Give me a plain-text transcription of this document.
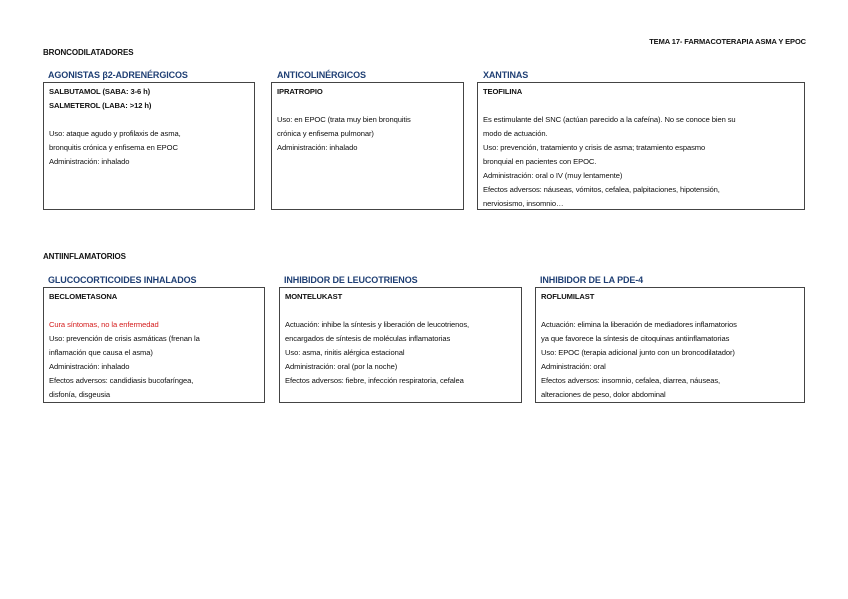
TEMA 17- FARMACOTERAPIA ASMA Y EPOC
BRONCODILATADORES
AGONISTAS β2-ADRENÉRGICOS
SALBUTAMOL (SABA: 3-6 h)
SALMETEROL (LABA: >12 h)
Uso: ataque agudo y profilaxis de asma,
bronquitis crónica y enfisema en EPOC
Administración: inhalado
ANTICOLINÉRGICOS
IPRATROPIO
Uso: en EPOC (trata muy bien bronquitis
crónica y enfisema pulmonar)
Administración: inhalado
XANTINAS
TEOFILINA
Es estimulante del SNC (actúan parecido a la cafeína). No se conoce bien su
modo de actuación.
Uso: prevención, tratamiento y crisis de asma; tratamiento espasmo
bronquial en pacientes con EPOC.
Administración: oral o IV (muy lentamente)
Efectos adversos: náuseas, vómitos, cefalea, palpitaciones, hipotensión,
nerviosismo, insomnio…
ANTIINFLAMATORIOS
GLUCOCORTICOIDES INHALADOS
BECLOMETASONA
Cura síntomas, no la enfermedad
Uso: prevención de crisis asmáticas (frenan la
inflamación que causa el asma)
Administración: inhalado
Efectos adversos: candidiasis bucofaríngea,
disfonía, disgeusia
INHIBIDOR DE LEUCOTRIENOS
MONTELUKAST
Actuación: inhibe la síntesis y liberación de leucotrienos,
encargados de síntesis de moléculas inflamatorias
Uso: asma, rinitis alérgica estacional
Administración: oral (por la noche)
Efectos adversos: fiebre, infección respiratoria, cefalea
INHIBIDOR DE LA PDE-4
ROFLUMILAST
Actuación: elimina la liberación de mediadores inflamatorios
ya que favorece la síntesis de citoquinas antiinflamatorias
Uso: EPOC (terapia adicional junto con un broncodilatador)
Administración: oral
Efectos adversos: insomnio, cefalea, diarrea, náuseas,
alteraciones de peso, dolor abdominal
